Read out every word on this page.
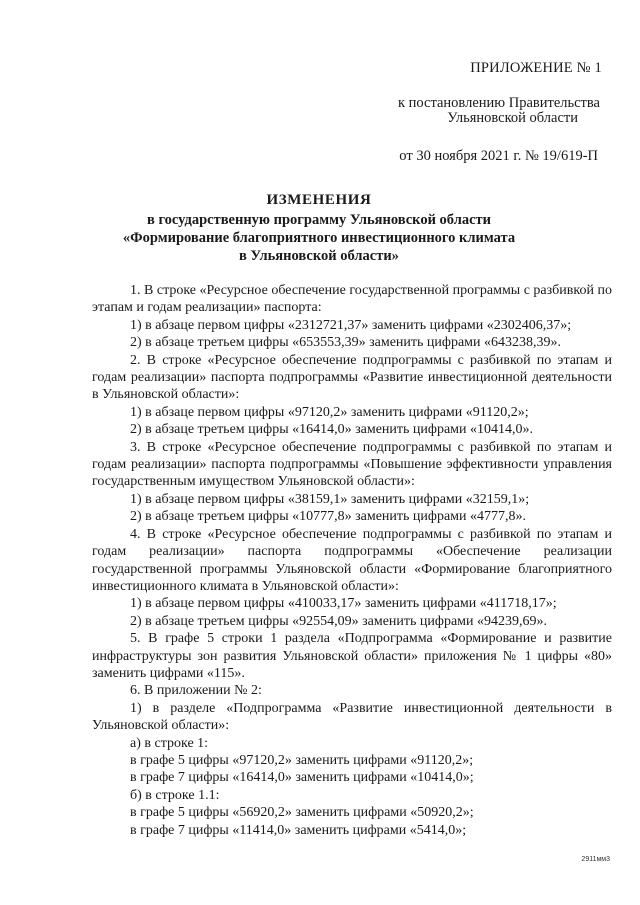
ПРИЛОЖЕНИЕ № 1
к постановлению Правительства
Ульяновской области
от 30 ноября 2021 г. № 19/619-П
ИЗМЕНЕНИЯ
в государственную программу Ульяновской области
«Формирование благоприятного инвестиционного климата
в Ульяновской области»

1. В строке «Ресурсное обеспечение государственной программы с разбивкой по этапам и годам реализации» паспорта:

1) в абзаце первом цифры «2312721,37» заменить цифрами «2302406,37»;

2) в абзаце третьем цифры «653553,39» заменить цифрами «643238,39».

2. В строке «Ресурсное обеспечение подпрограммы с разбивкой по этапам и годам реализации» паспорта подпрограммы «Развитие инвестиционной деятельности в Ульяновской области»:

1) в абзаце первом цифры «97120,2» заменить цифрами «91120,2»;

2) в абзаце третьем цифры «16414,0» заменить цифрами «10414,0».

3. В строке «Ресурсное обеспечение подпрограммы с разбивкой по этапам и годам реализации» паспорта подпрограммы «Повышение эффективности управления государственным имуществом Ульяновской области»:

1) в абзаце первом цифры «38159,1» заменить цифрами «32159,1»;

2) в абзаце третьем цифры «10777,8» заменить цифрами «4777,8».

4. В строке «Ресурсное обеспечение подпрограммы с разбивкой по этапам и годам реализации» паспорта подпрограммы «Обеспечение реализации государственной программы Ульяновской области «Формирование благоприятного инвестиционного климата в Ульяновской области»:

1) в абзаце первом цифры «410033,17» заменить цифрами «411718,17»;

2) в абзаце третьем цифры «92554,09» заменить цифрами «94239,69».

5. В графе 5 строки 1 раздела «Подпрограмма «Формирование и развитие инфраструктуры зон развития Ульяновской области» приложения № 1 цифры «80» заменить цифрами «115».

6. В приложении № 2:

1) в разделе «Подпрограмма «Развитие инвестиционной деятельности в Ульяновской области»:

а) в строке 1:

в графе 5 цифры «97120,2» заменить цифрами «91120,2»;

в графе 7 цифры «16414,0» заменить цифрами «10414,0»;

б) в строке 1.1:

в графе 5 цифры «56920,2» заменить цифрами «50920,2»;

в графе 7 цифры «11414,0» заменить цифрами «5414,0»;

2911мм3
